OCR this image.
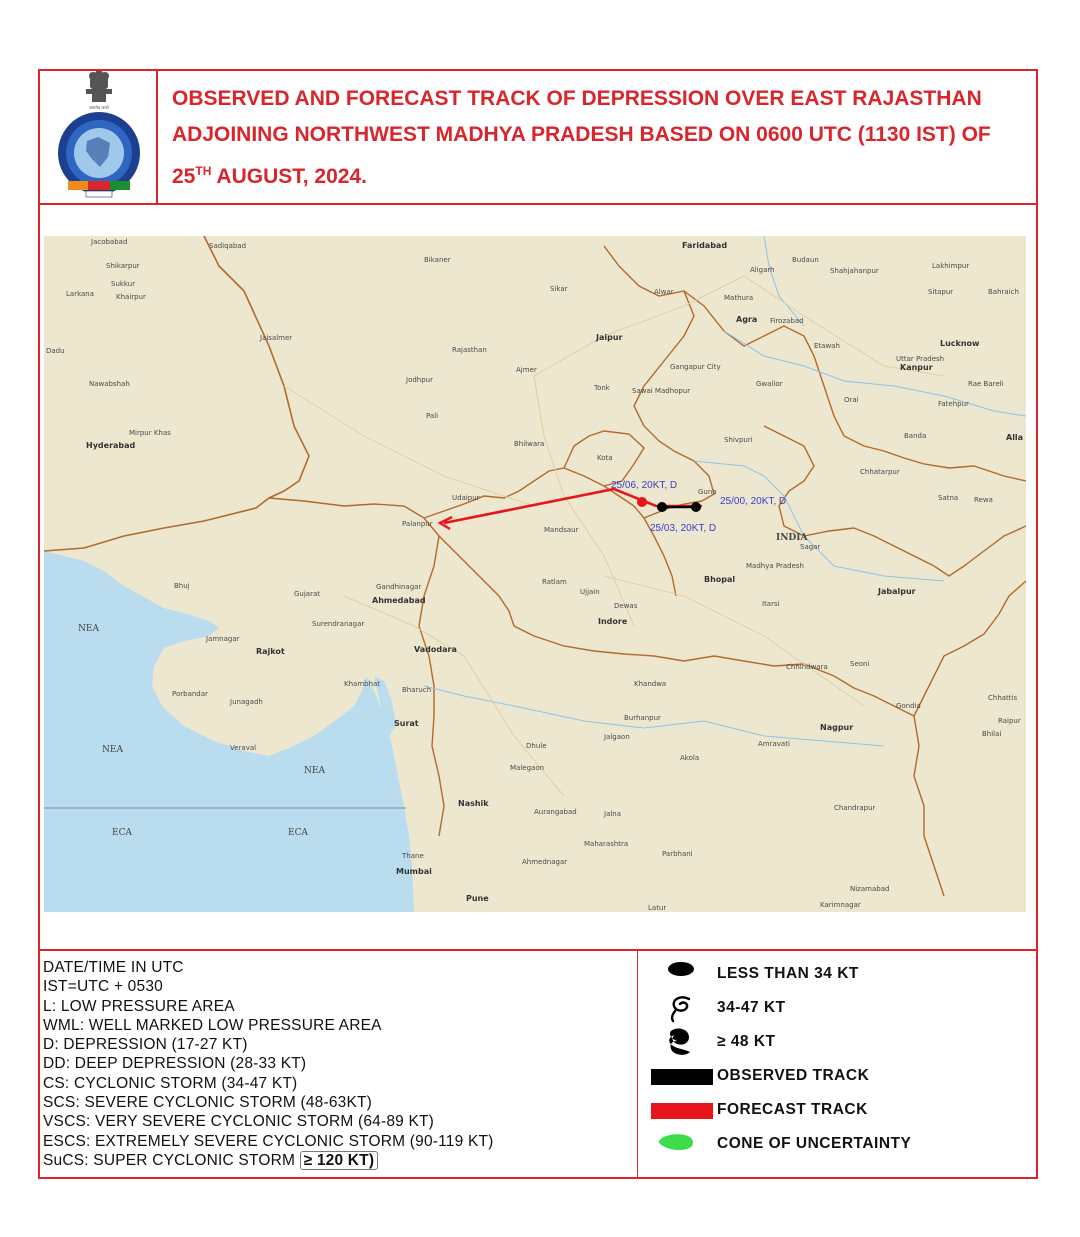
सत्यमेव जयते	OBSERVED AND FORECAST TRACK OF DEPRESSION OVER EAST RAJASTHAN
ADJOINING NORTHWEST MADHYA PRADESH BASED ON 0600 UTC (1130 IST) OF
25TH AUGUST, 2024.
Jacobabad	Sadiqabad
Shikarpur
Sukkur
Khairpur
Larkana
Dadu
Nawabshah
Mirpur Khas
Hyderabad
Bikaner
Jaisalmer
Jodhpur
Rajasthan
Pali
Sikar	Alwar
Jaipur
Ajmer
Tonk	Sawai Madhopur
Bhilwara
Kota
Udaipur
Mandsaur
Faridabad
Aligarh
Budaun
Shahjahanpur
Lakhimpur
Sitapur	Bahraich
Mathura
Agra Firozabad
Etawah	Lucknow
Uttar Pradesh
Kanpur
Gangapur City
Gwalior	Rae Bareli
Fatehpur
Orai
Shivpuri	Banda	Alla
Chhatarpur
Satna Rewa
Guna
Sagar
INDIA
Madhya Pradesh
Palanpur
Bhuj
Gujarat
Gandhinagar
Ahmedabad
Ratlam
Ujjain
Dewas
Indore
Bhopal
Itarsi
Jabalpur
Surendranagar
Jamnagar
Rajkot	Vadodara
Khambhat
Bharuch
Porbandar
Junagadh
Chhindwara	Seoni
Khandwa
Chhattis
Surat
Burhanpur
Gondia
Nagpur
Raipur
Bhilai
Veraval	Dhule
Jalgaon
Amravati
Akola
Malegaon
Nashik	Chandrapur
Aurangabad	Jalna
Maharashtra
Parbhani
Ahmednagar
Thane
Mumbai
Nizamabad
Pune
Karimnagar
Latur
NEA
NEA
NEA
ECA	ECA
25/06, 20KT, D
25/00, 20KT, D
25/03, 20KT, D
DATE/TIME IN UTC
IST=UTC + 0530
L: LOW PRESSURE AREA
WML: WELL MARKED LOW PRESSURE AREA
D: DEPRESSION (17-27 KT)
DD: DEEP DEPRESSION (28-33 KT)
CS: CYCLONIC STORM (34-47 KT)
SCS: SEVERE CYCLONIC STORM (48-63KT)
VSCS: VERY SEVERE CYCLONIC STORM (64-89 KT)
ESCS: EXTREMELY SEVERE CYCLONIC STORM (90-119 KT)
SuCS: SUPER CYCLONIC STORM ≥ 120 KT)
LESS THAN 34 KT
34-47 KT
≥ 48 KT
OBSERVED TRACK
FORECAST TRACK
CONE OF UNCERTAINTY
